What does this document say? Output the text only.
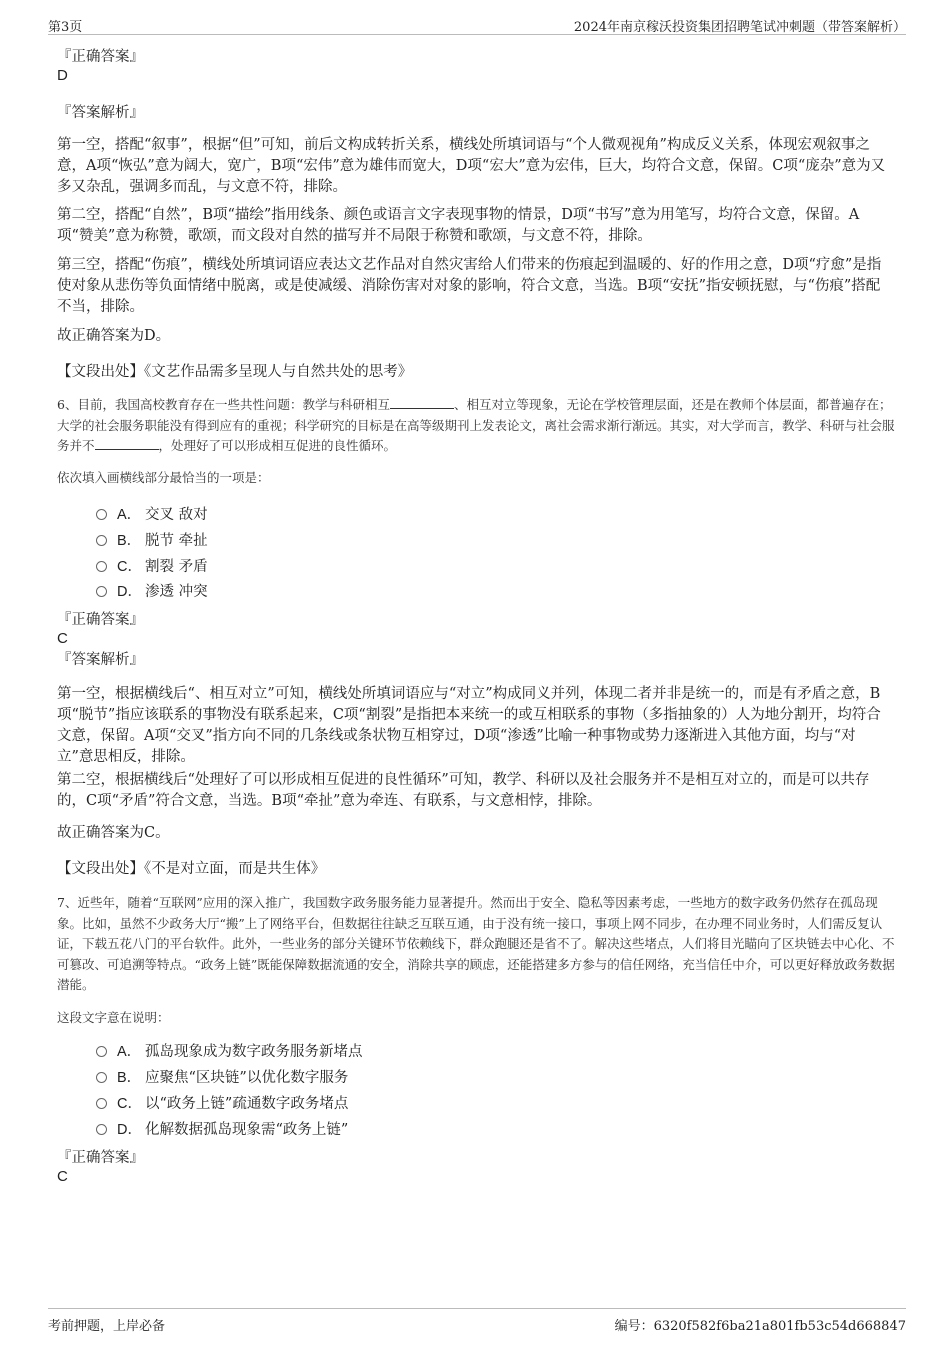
第3页	2024年南京稼沃投资集团招聘笔试冲刺题（带答案解析）
『正确答案』
D
『答案解析』

第一空，搭配“叙事”，根据“但”可知，前后文构成转折关系，横线处所填词语与“个人微观视角”构成反义关系，体现宏观叙事之意，A项“恢弘”意为阔大，宽广，B项“宏伟”意为雄伟而宽大，D项“宏大”意为宏伟，巨大，均符合文意，保留。C项“庞杂”意为又多又杂乱，强调多而乱，与文意不符，排除。

第二空，搭配“自然”，B项“描绘”指用线条、颜色或语言文字表现事物的情景，D项“书写”意为用笔写，均符合文意，保留。A项“赞美”意为称赞，歌颂，而文段对自然的描写并不局限于称赞和歌颂，与文意不符，排除。

第三空，搭配“伤痕”，横线处所填词语应表达文艺作品对自然灾害给人们带来的伤痕起到温暖的、好的作用之意，D项“疗愈”是指使对象从悲伤等负面情绪中脱离，或是使减缓、消除伤害对对象的影响，符合文意，当选。B项“安抚”指安顿抚慰，与“伤痕”搭配不当，排除。

故正确答案为D。

【文段出处】《文艺作品需多呈现人与自然共处的思考》
6、目前，我国高校教育存在一些共性问题：教学与科研相互	、相互对立等现象，无论在学校管理层面，还是在教师个体层面，都普遍存在；大学的社会服务职能没有得到应有的重视；科学研究的目标是在高等级期刊上发表论文，离社会需求渐行渐远。其实，对大学而言，教学、科研与社会服务并不	，处理好了可以形成相互促进的良性循环。
依次填入画横线部分最恰当的一项是：
A． 交叉 敌对
B． 脱节 牵扯
C． 割裂 矛盾
D． 渗透 冲突
『正确答案』
C
『答案解析』

第一空，根据横线后“、相互对立”可知，横线处所填词语应与“对立”构成同义并列，体现二者并非是统一的，而是有矛盾之意，B项“脱节”指应该联系的事物没有联系起来，C项“割裂”是指把本来统一的或互相联系的事物（多指抽象的）人为地分割开，均符合文意，保留。A项“交叉”指方向不同的几条线或条状物互相穿过，D项“渗透”比喻一种事物或势力逐渐进入其他方面，均与“对立”意思相反，排除。

第二空，根据横线后“处理好了可以形成相互促进的良性循环”可知，教学、科研以及社会服务并不是相互对立的，而是可以共存的，C项“矛盾”符合文意，当选。B项“牵扯”意为牵连、有联系，与文意相悖，排除。

故正确答案为C。

【文段出处】《不是对立面，而是共生体》
7、近些年，随着“互联网”应用的深入推广，我国数字政务服务能力显著提升。然而出于安全、隐私等因素考虑，一些地方的数字政务仍然存在孤岛现象。比如，虽然不少政务大厅“搬”上了网络平台，但数据往往缺乏互联互通，由于没有统一接口，事项上网不同步，在办理不同业务时，人们需反复认证，下载五花八门的平台软件。此外，一些业务的部分关键环节依赖线下，群众跑腿还是省不了。解决这些堵点，人们将目光瞄向了区块链去中心化、不可篡改、可追溯等特点。“政务上链”既能保障数据流通的安全，消除共享的顾虑，还能搭建多方参与的信任网络，充当信任中介，可以更好释放政务数据潜能。
这段文字意在说明：
A． 孤岛现象成为数字政务服务新堵点
B． 应聚焦“区块链”以优化数字服务
C． 以“政务上链”疏通数字政务堵点
D． 化解数据孤岛现象需“政务上链”
『正确答案』
C
考前押题，上岸必备	编号：6320f582f6ba21a801fb53c54d668847
